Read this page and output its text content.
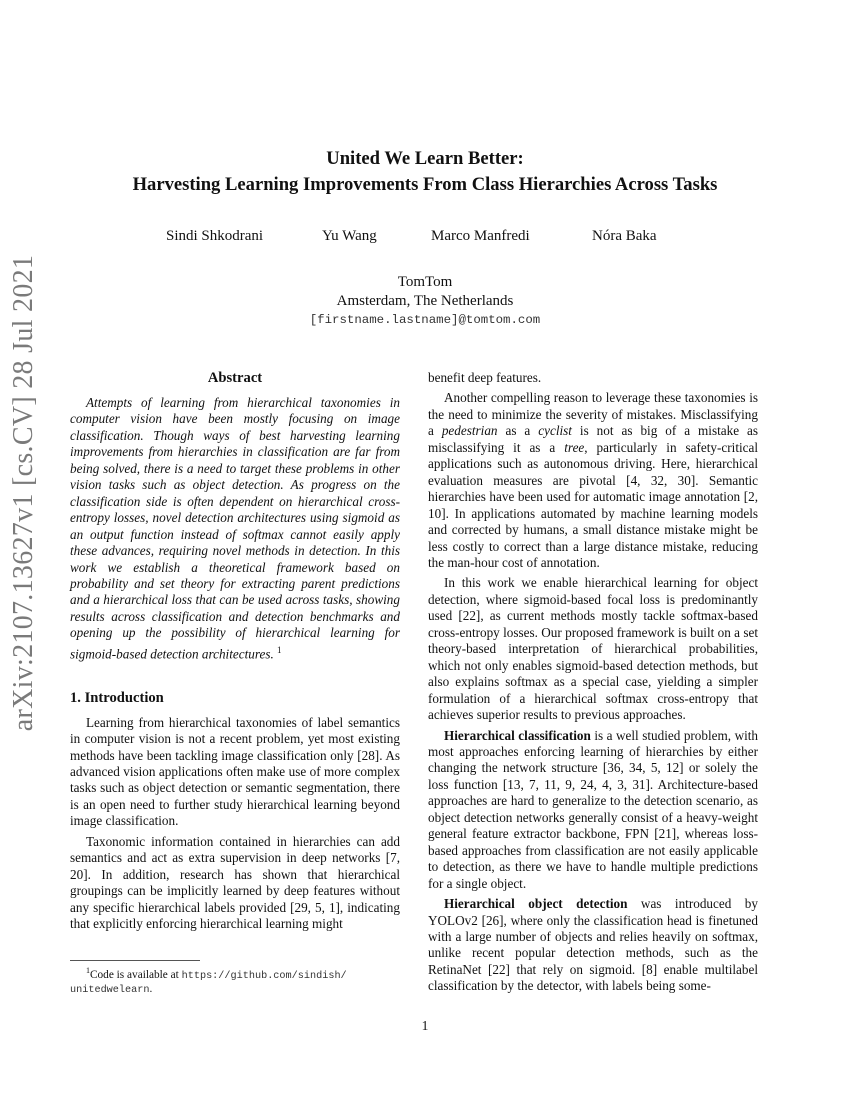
arXiv:2107.13627v1 [cs.CV] 28 Jul 2021
United We Learn Better:
Harvesting Learning Improvements From Class Hierarchies Across Tasks
Sindi Shkodrani	Yu Wang	Marco Manfredi	Nóra Baka
TomTom
Amsterdam, The Netherlands
[firstname.lastname]@tomtom.com
Abstract

Attempts of learning from hierarchical taxonomies in computer vision have been mostly focusing on image classification. Though ways of best harvesting learning improvements from hierarchies in classification are far from being solved, there is a need to target these problems in other vision tasks such as object detection. As progress on the classification side is often dependent on hierarchical cross-entropy losses, novel detection architectures using sigmoid as an output function instead of softmax cannot easily apply these advances, requiring novel methods in detection. In this work we establish a theoretical framework based on probability and set theory for extracting parent predictions and a hierarchical loss that can be used across tasks, showing results across classification and detection benchmarks and opening up the possibility of hierarchical learning for sigmoid-based detection architectures. $^1$

1. Introduction

Learning from hierarchical taxonomies of label semantics in computer vision is not a recent problem, yet most existing methods have been tackling image classification only [28]. As advanced vision applications often make use of more complex tasks such as object detection or semantic segmentation, there is an open need to further study hierarchical learning beyond image classification.

Taxonomic information contained in hierarchies can add semantics and act as extra supervision in deep networks [7, 20]. In addition, research has shown that hierarchical groupings can be implicitly learned by deep features without any specific hierarchical labels provided [29, 5, 1], indicating that explicitly enforcing hierarchical learning might

$^1$Code is available at https://github.com/sindish/
unitedwelearn.

benefit deep features.

Another compelling reason to leverage these taxonomies is the need to minimize the severity of mistakes. Misclassifying a pedestrian as a cyclist is not as big of a mistake as misclassifying it as a tree, particularly in safety-critical applications such as autonomous driving. Here, hierarchical evaluation measures are pivotal [4, 32, 30]. Semantic hierarchies have been used for automatic image annotation [2, 10]. In applications automated by machine learning models and corrected by humans, a small distance mistake might be less costly to correct than a large distance mistake, reducing the man-hour cost of annotation.

In this work we enable hierarchical learning for object detection, where sigmoid-based focal loss is predominantly used [22], as current methods mostly tackle softmax-based cross-entropy losses. Our proposed framework is built on a set theory-based interpretation of hierarchical probabilities, which not only enables sigmoid-based detection methods, but also explains softmax as a special case, yielding a simpler formulation of a hierarchical softmax cross-entropy that achieves superior results to previous approaches.

Hierarchical classification is a well studied problem, with most approaches enforcing learning of hierarchies by either changing the network structure [36, 34, 5, 12] or solely the loss function [13, 7, 11, 9, 24, 4, 3, 31]. Architecture-based approaches are hard to generalize to the detection scenario, as object detection networks generally consist of a heavy-weight general feature extractor backbone, FPN [21], whereas loss-based approaches from classification are not easily applicable to detection, as there we have to handle multiple predictions for a single object.

Hierarchical object detection was introduced by YOLOv2 [26], where only the classification head is finetuned with a large number of objects and relies heavily on softmax, unlike recent popular detection methods, such as the RetinaNet [22] that rely on sigmoid. [8] enable multilabel classification by the detector, with labels being some-

1
